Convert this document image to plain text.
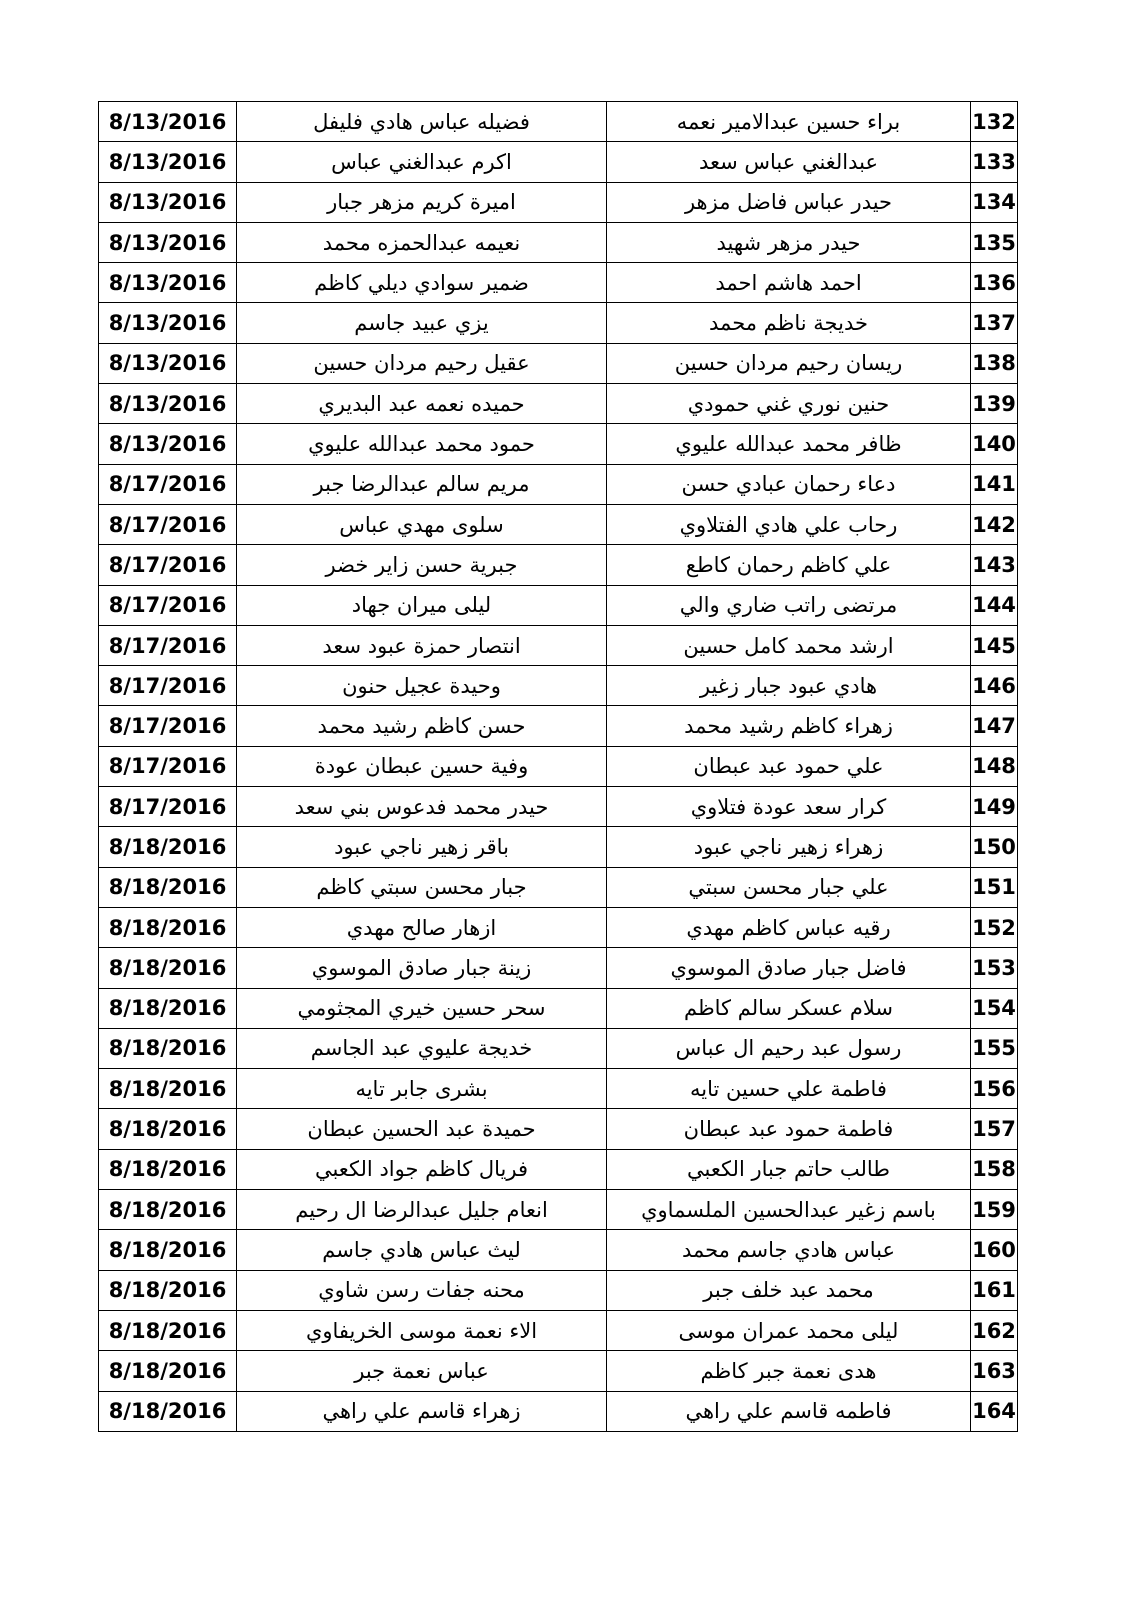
8/13/2016	فضيله عباس هادي فليفل	براء حسين عبدالامير نعمه	132
8/13/2016	اكرم عبدالغني عباس	عبدالغني عباس سعد	133
8/13/2016	اميرة كريم مزهر جبار	حيدر عباس فاضل مزهر	134
8/13/2016	نعيمه عبدالحمزه محمد	حيدر مزهر شهيد	135
8/13/2016	ضمير سوادي ديلي كاظم	احمد هاشم احمد	136
8/13/2016	يزي عبيد جاسم	خديجة ناظم محمد	137
8/13/2016	عقيل رحيم مردان حسين	ريسان رحيم مردان حسين	138
8/13/2016	حميده نعمه عبد البديري	حنين نوري غني حمودي	139
8/13/2016	حمود محمد عبدالله عليوي	ظافر محمد عبدالله عليوي	140
8/17/2016	مريم سالم عبدالرضا جبر	دعاء رحمان عبادي حسن	141
8/17/2016	سلوى مهدي عباس	رحاب علي هادي الفتلاوي	142
8/17/2016	جبرية حسن زاير خضر	علي كاظم رحمان كاطع	143
8/17/2016	ليلى ميران جهاد	مرتضى راتب ضاري والي	144
8/17/2016	انتصار حمزة عبود سعد	ارشد محمد كامل حسين	145
8/17/2016	وحيدة عجيل حنون	هادي عبود جبار زغير	146
8/17/2016	حسن كاظم رشيد محمد	زهراء كاظم رشيد محمد	147
8/17/2016	وفية حسين عبطان عودة	علي حمود عبد عبطان	148
8/17/2016	حيدر محمد فدعوس بني سعد	كرار سعد عودة فتلاوي	149
8/18/2016	باقر زهير ناجي عبود	زهراء زهير ناجي عبود	150
8/18/2016	جبار محسن سبتي كاظم	علي جبار محسن سبتي	151
8/18/2016	ازهار صالح مهدي	رقيه عباس كاظم مهدي	152
8/18/2016	زينة جبار صادق الموسوي	فاضل جبار صادق الموسوي	153
8/18/2016	سحر حسين خيري المجثومي	سلام عسكر سالم كاظم	154
8/18/2016	خديجة عليوي عبد الجاسم	رسول عبد رحيم ال عباس	155
8/18/2016	بشرى جابر تايه	فاطمة علي حسين تايه	156
8/18/2016	حميدة عبد الحسين عبطان	فاطمة حمود عبد عبطان	157
8/18/2016	فريال كاظم جواد الكعبي	طالب حاتم جبار الكعبي	158
8/18/2016	انعام جليل عبدالرضا ال رحيم	باسم زغير عبدالحسين الملسماوي	159
8/18/2016	ليث عباس هادي جاسم	عباس هادي جاسم محمد	160
8/18/2016	محنه جفات رسن شاوي	محمد عبد خلف جبر	161
8/18/2016	الاء نعمة موسى الخريفاوي	ليلى محمد عمران موسى	162
8/18/2016	عباس نعمة جبر	هدى نعمة جبر كاظم	163
8/18/2016	زهراء قاسم علي راهي	فاطمه قاسم علي راهي	164
